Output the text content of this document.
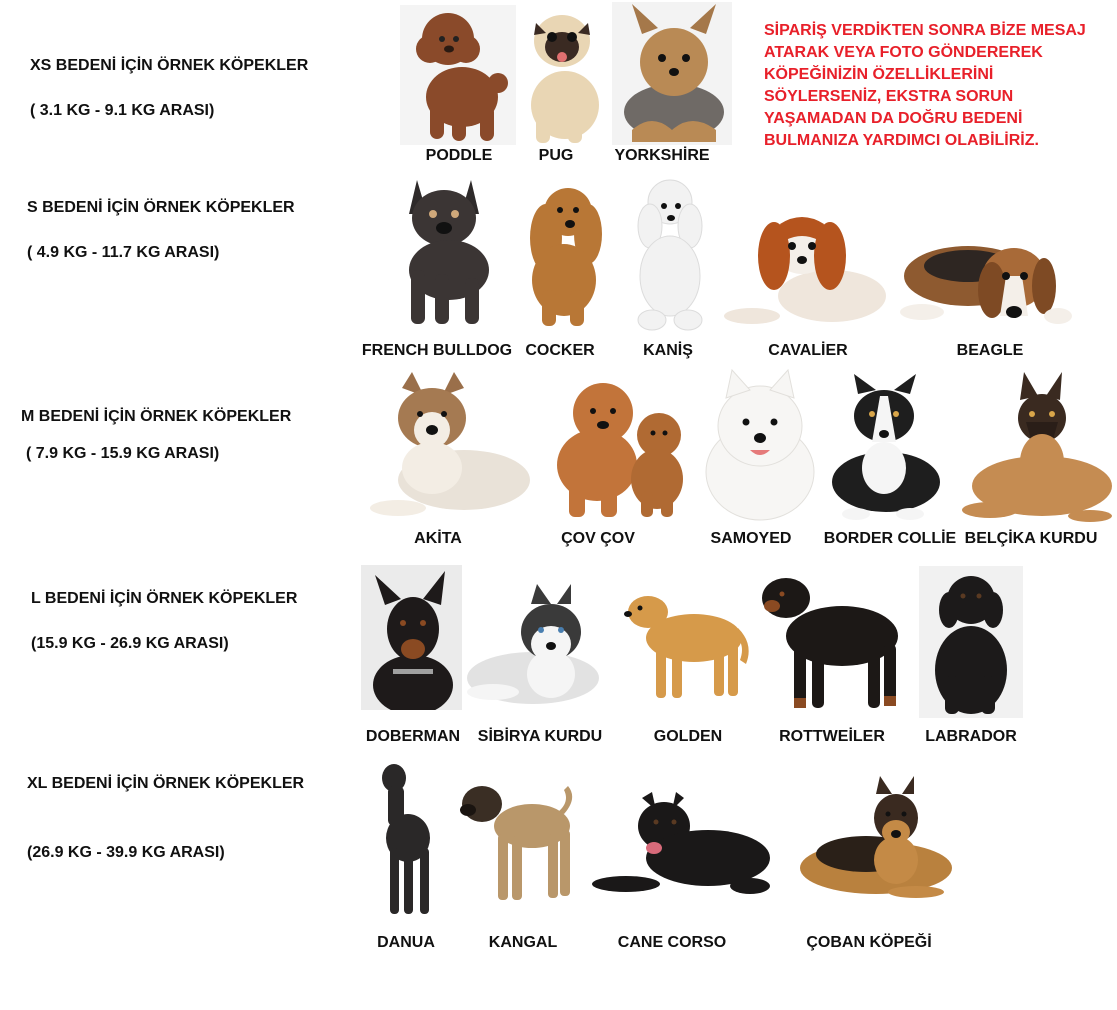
XS BEDENİ İÇİN ÖRNEK KÖPEKLER
( 3.1 KG - 9.1 KG ARASI)
S BEDENİ İÇİN ÖRNEK KÖPEKLER
( 4.9 KG - 11.7 KG ARASI)
M BEDENİ İÇİN ÖRNEK KÖPEKLER
( 7.9 KG - 15.9 KG ARASI)
L BEDENİ İÇİN ÖRNEK KÖPEKLER
(15.9 KG - 26.9 KG ARASI)
XL BEDENİ İÇİN ÖRNEK KÖPEKLER
(26.9 KG - 39.9 KG ARASI)
SİPARİŞ VERDİKTEN SONRA BİZE MESAJ
ATARAK VEYA FOTO GÖNDEREREK
KÖPEĞİNİZİN ÖZELLİKLERİNİ
SÖYLERSENİZ, EKSTRA SORUN
YAŞAMADAN DA DOĞRU BEDENİ
BULMANIZA YARDIMCI OLABİLİRİZ.
PODDLE	PUG	YORKSHİRE
FRENCH BULLDOG COCKER	KANİŞ	CAVALİER	BEAGLE
AKİTA	ÇOV ÇOV	SAMOYED BORDER COLLİE BELÇİKA KURDU
DOBERMAN SİBİRYA KURDU	GOLDEN	ROTTWEİLER	LABRADOR
DANUA	KANGAL	CANE CORSO	ÇOBAN KÖPEĞİ
